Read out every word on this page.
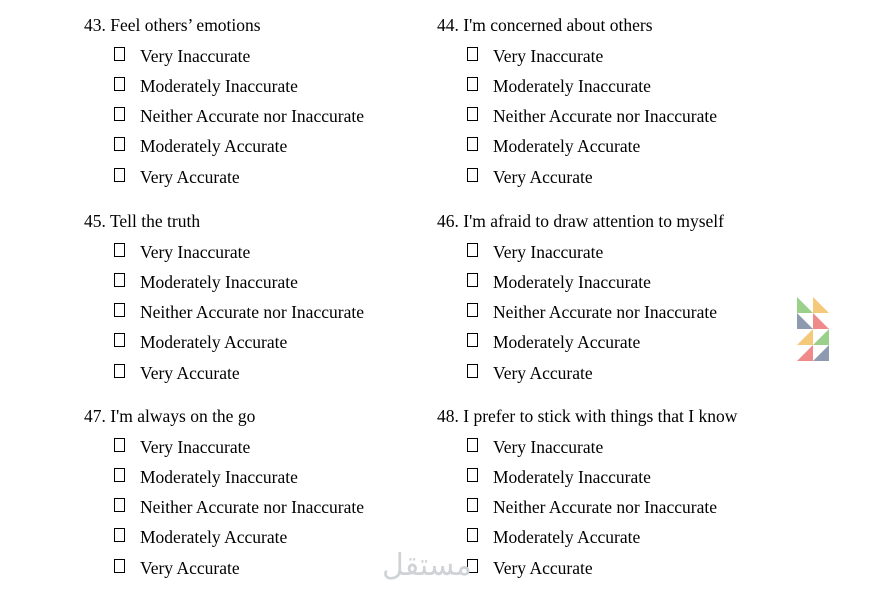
43. Feel others’ emotions
Very Inaccurate
Moderately Inaccurate
Neither Accurate nor Inaccurate
Moderately Accurate
Very Accurate
44. I'm concerned about others
Very Inaccurate
Moderately Inaccurate
Neither Accurate nor Inaccurate
Moderately Accurate
Very Accurate
45. Tell the truth
Very Inaccurate
Moderately Inaccurate
Neither Accurate nor Inaccurate
Moderately Accurate
Very Accurate
46. I'm afraid to draw attention to myself
Very Inaccurate
Moderately Inaccurate
Neither Accurate nor Inaccurate
Moderately Accurate
Very Accurate
47. I'm always on the go
Very Inaccurate
Moderately Inaccurate
Neither Accurate nor Inaccurate
Moderately Accurate
Very Accurate
48. I prefer to stick with things that I know
Very Inaccurate
Moderately Inaccurate
Neither Accurate nor Inaccurate
Moderately Accurate
Very Accurate
مستقل
